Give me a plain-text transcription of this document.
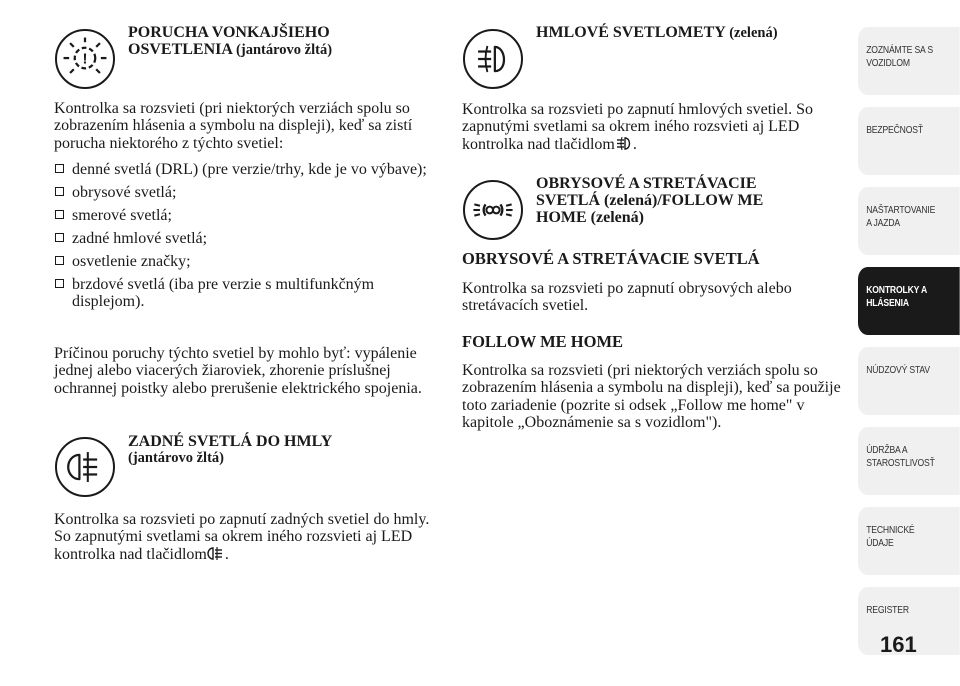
!
PORUCHA VONKAJŠIEHO
OSVETLENIA (jantárovo žltá)

Kontrolka sa rozsvieti (pri niektorých verziách spolu so zobrazením hlásenia a symbolu na displeji), keď sa zistí porucha niektorého z týchto svetiel:

denné svetlá (DRL) (pre verzie/trhy, kde je vo výbave);
obrysové svetlá;
smerové svetlá;
zadné hmlové svetlá;
osvetlenie značky;
brzdové svetlá (iba pre verzie s multifunkčným displejom).

Príčinou poruchy týchto svetiel by mohlo byť: vypálenie jednej alebo viacerých žiaroviek, zhorenie príslušnej ochrannej poistky alebo prerušenie elektrického spojenia.

ZADNÉ SVETLÁ DO HMLY
(jantárovo žltá)

Kontrolka sa rozsvieti po zapnutí zadných svetiel do hmly. So zapnutými svetlami sa okrem iného rozsvieti aj LED kontrolka nad tlačidlom .

HMLOVÉ SVETLOMETY (zelená)

Kontrolka sa rozsvieti po zapnutí hmlových svetiel. So zapnutými svetlami sa okrem iného rozsvieti aj LED kontrolka nad tlačidlom .

OBRYSOVÉ A STRETÁVACIE
SVETLÁ (zelená)/FOLLOW ME
HOME (zelená)
OBRYSOVÉ A STRETÁVACIE SVETLÁ

Kontrolka sa rozsvieti po zapnutí obrysových alebo stretávacích svetiel.

FOLLOW ME HOME

Kontrolka sa rozsvieti (pri niektorých verziách spolu so zobrazením hlásenia a symbolu na displeji), keď sa použije toto zariadenie (pozrite si odsek „Follow me home" v kapitole „Oboznámenie sa s vozidlom").

ZOZNÁMTE SA S
VOZIDLOM
BEZPEČNOSŤ
NAŠTARTOVANIE
A JAZDA
KONTROLKY A
HLÁSENIA
NÚDZOVÝ STAV
ÚDRŽBA A
STAROSTLIVOSŤ
TECHNICKÉ
ÚDAJE
REGISTER
161
